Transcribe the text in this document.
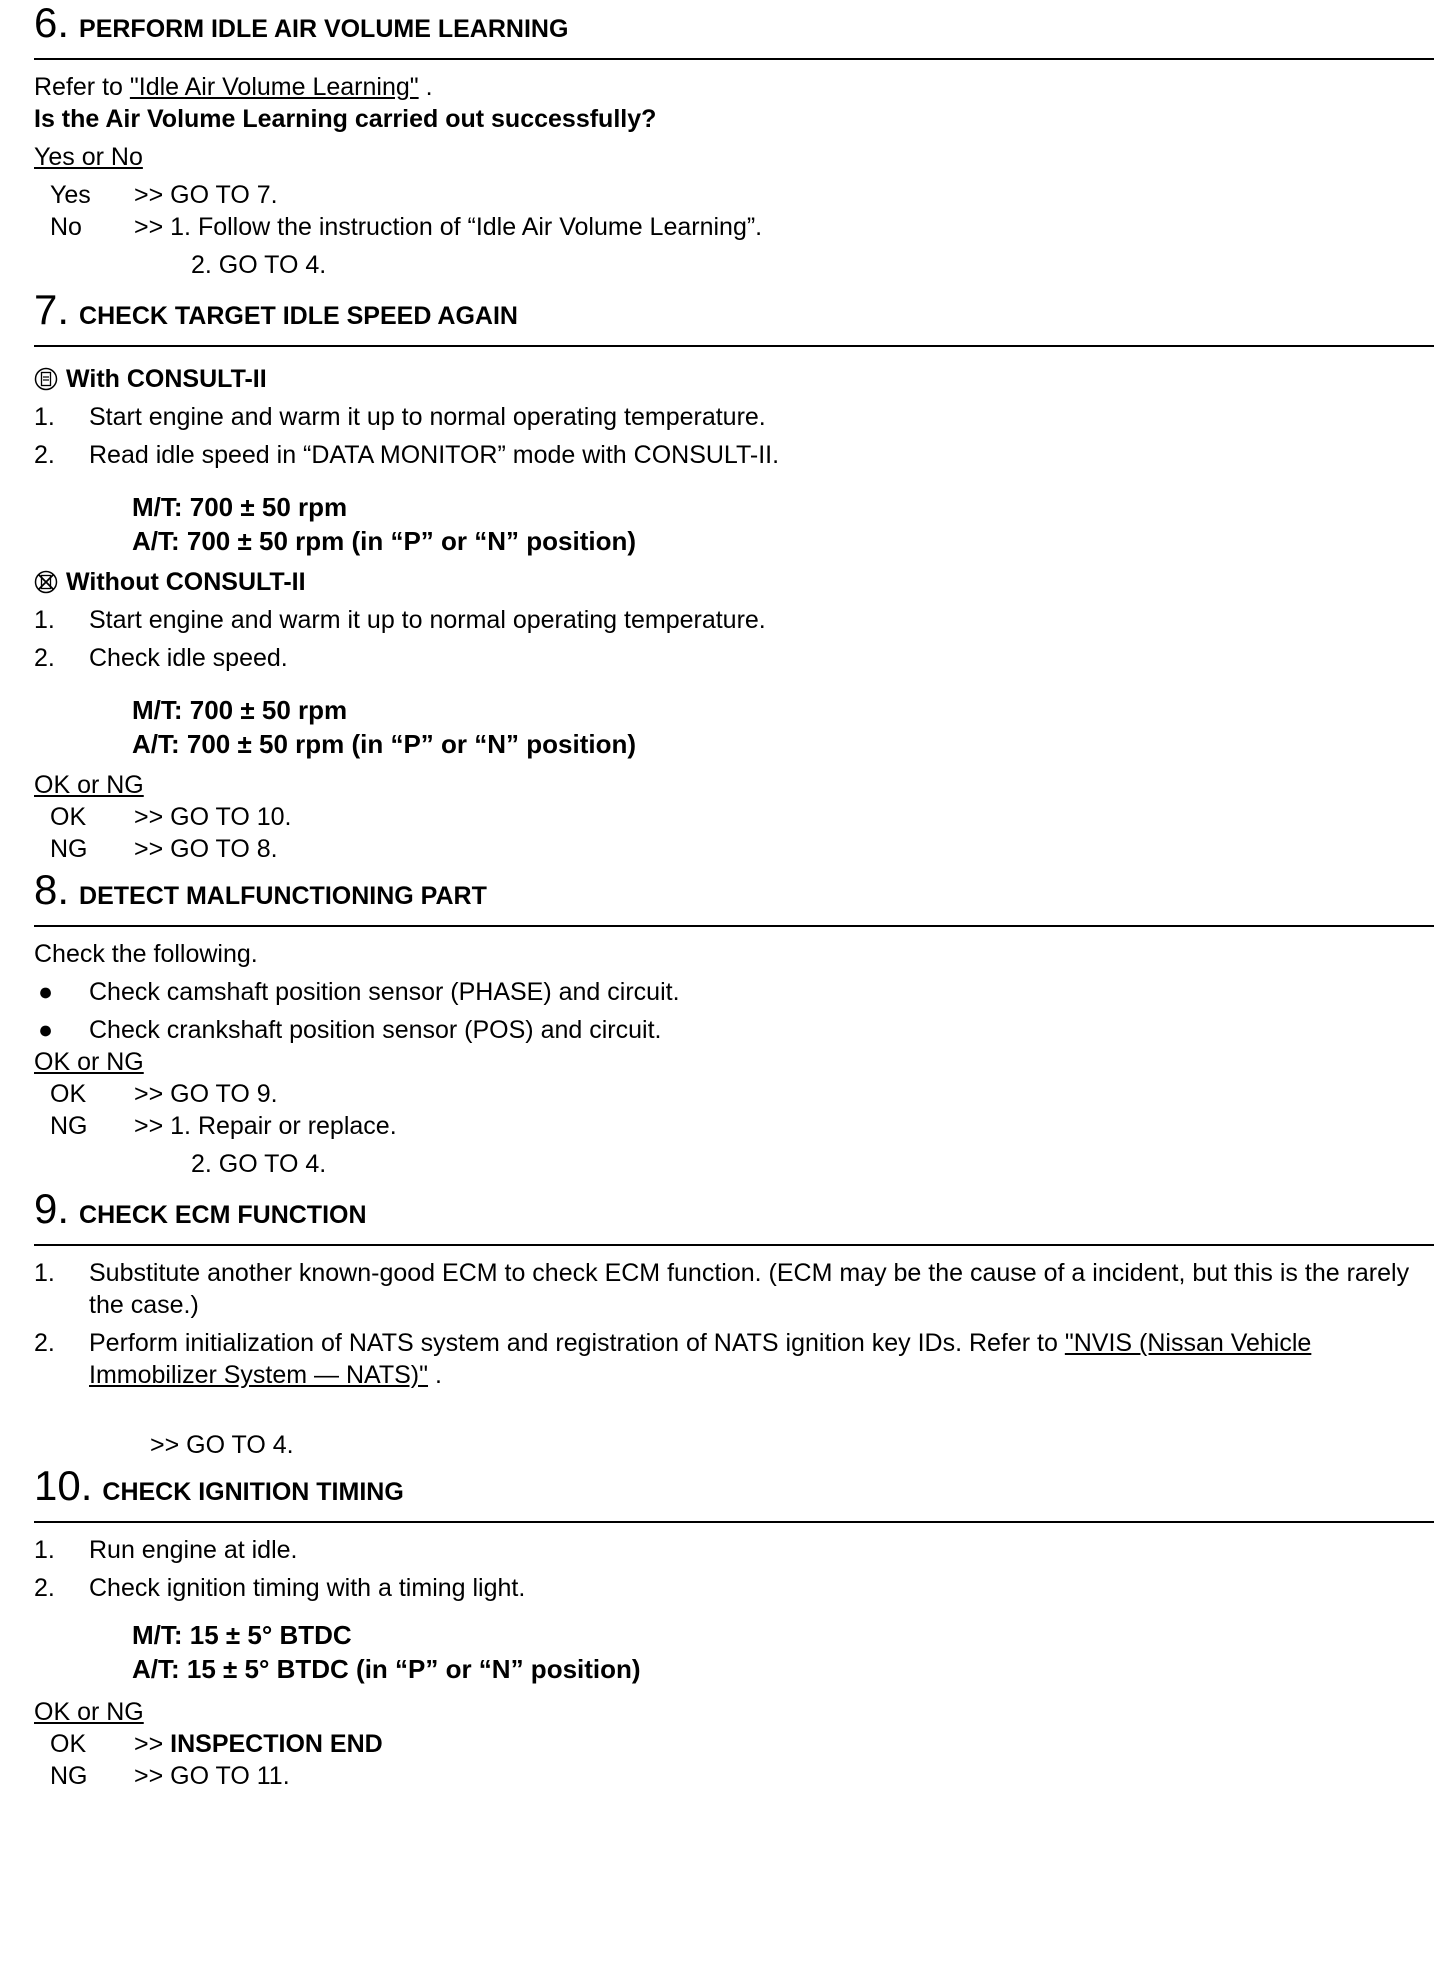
6. PERFORM IDLE AIR VOLUME LEARNING
Refer to "Idle Air Volume Learning" .
Is the Air Volume Learning carried out successfully?
Yes or No
Yes	>> GO TO 7.
No	>> 1. Follow the instruction of “Idle Air Volume Learning”.
2. GO TO 4.
7. CHECK TARGET IDLE SPEED AGAIN
With CONSULT-II
1.	Start engine and warm it up to normal operating temperature.
2.	Read idle speed in “DATA MONITOR” mode with CONSULT-II.
M/T: 700 ± 50 rpm
A/T: 700 ± 50 rpm (in “P” or “N” position)
Without CONSULT-II
1.	Start engine and warm it up to normal operating temperature.
2.	Check idle speed.
M/T: 700 ± 50 rpm
A/T: 700 ± 50 rpm (in “P” or “N” position)
OK or NG
OK	>> GO TO 10.
NG	>> GO TO 8.
8. DETECT MALFUNCTIONING PART
Check the following.
●	Check camshaft position sensor (PHASE) and circuit.
●	Check crankshaft position sensor (POS) and circuit.
OK or NG
OK	>> GO TO 9.
NG	>> 1. Repair or replace.
2. GO TO 4.
9. CHECK ECM FUNCTION
1.	Substitute another known-good ECM to check ECM function. (ECM may be the cause of a incident, but this is the rarely the case.)
2.	Perform initialization of NATS system and registration of NATS ignition key IDs. Refer to "NVIS (Nissan Vehicle Immobilizer System — NATS)" .
>> GO TO 4.
10. CHECK IGNITION TIMING
1.	Run engine at idle.
2.	Check ignition timing with a timing light.
M/T: 15 ± 5° BTDC
A/T: 15 ± 5° BTDC (in “P” or “N” position)
OK or NG
OK	>> INSPECTION END
NG	>> GO TO 11.
